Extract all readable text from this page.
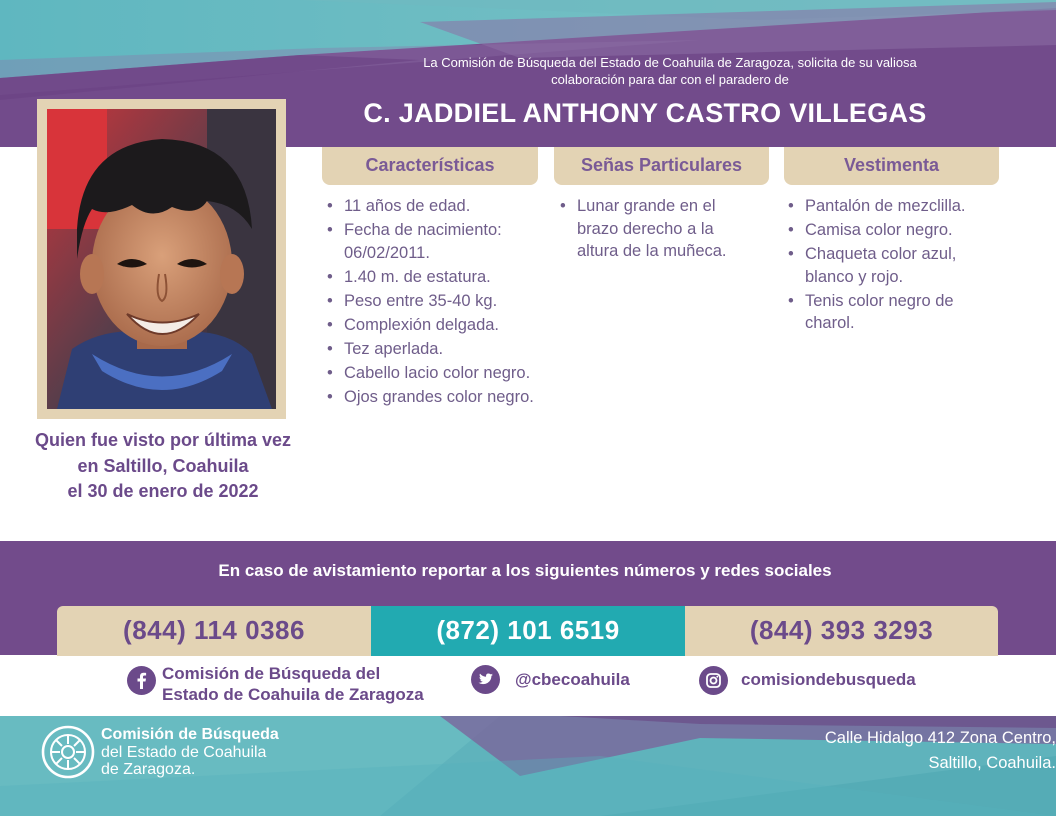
La Comisión de Búsqueda del Estado de Coahuila de Zaragoza, solicita de su valiosa
colaboración para dar con el paradero de
C. JADDIEL ANTHONY CASTRO VILLEGAS
Quien fue visto por última vez
en Saltillo, Coahuila
el 30 de enero de 2022
Características	Señas Particulares	Vestimenta
• 11 años de edad.
• Fecha de nacimiento: 06/02/2011.
• 1.40 m. de estatura.
• Peso entre 35-40 kg.
• Complexión delgada.
• Tez aperlada.
• Cabello lacio color negro.
• Ojos grandes color negro.
• Lunar grande en el brazo derecho a la altura de la muñeca.
• Pantalón de mezclilla.
• Camisa color negro.
• Chaqueta color azul, blanco y rojo.
• Tenis color negro de charol.
En caso de avistamiento reportar a los siguientes números y redes sociales
(844) 114 0386	(872) 101 6519	(844) 393 3293
Comisión de Búsqueda del
Estado de Coahuila de Zaragoza
@cbecoahuila	comisiondebusqueda
Comisión de Búsqueda
del Estado de Coahuila
de Zaragoza.
Calle Hidalgo 412 Zona Centro,
Saltillo, Coahuila.
